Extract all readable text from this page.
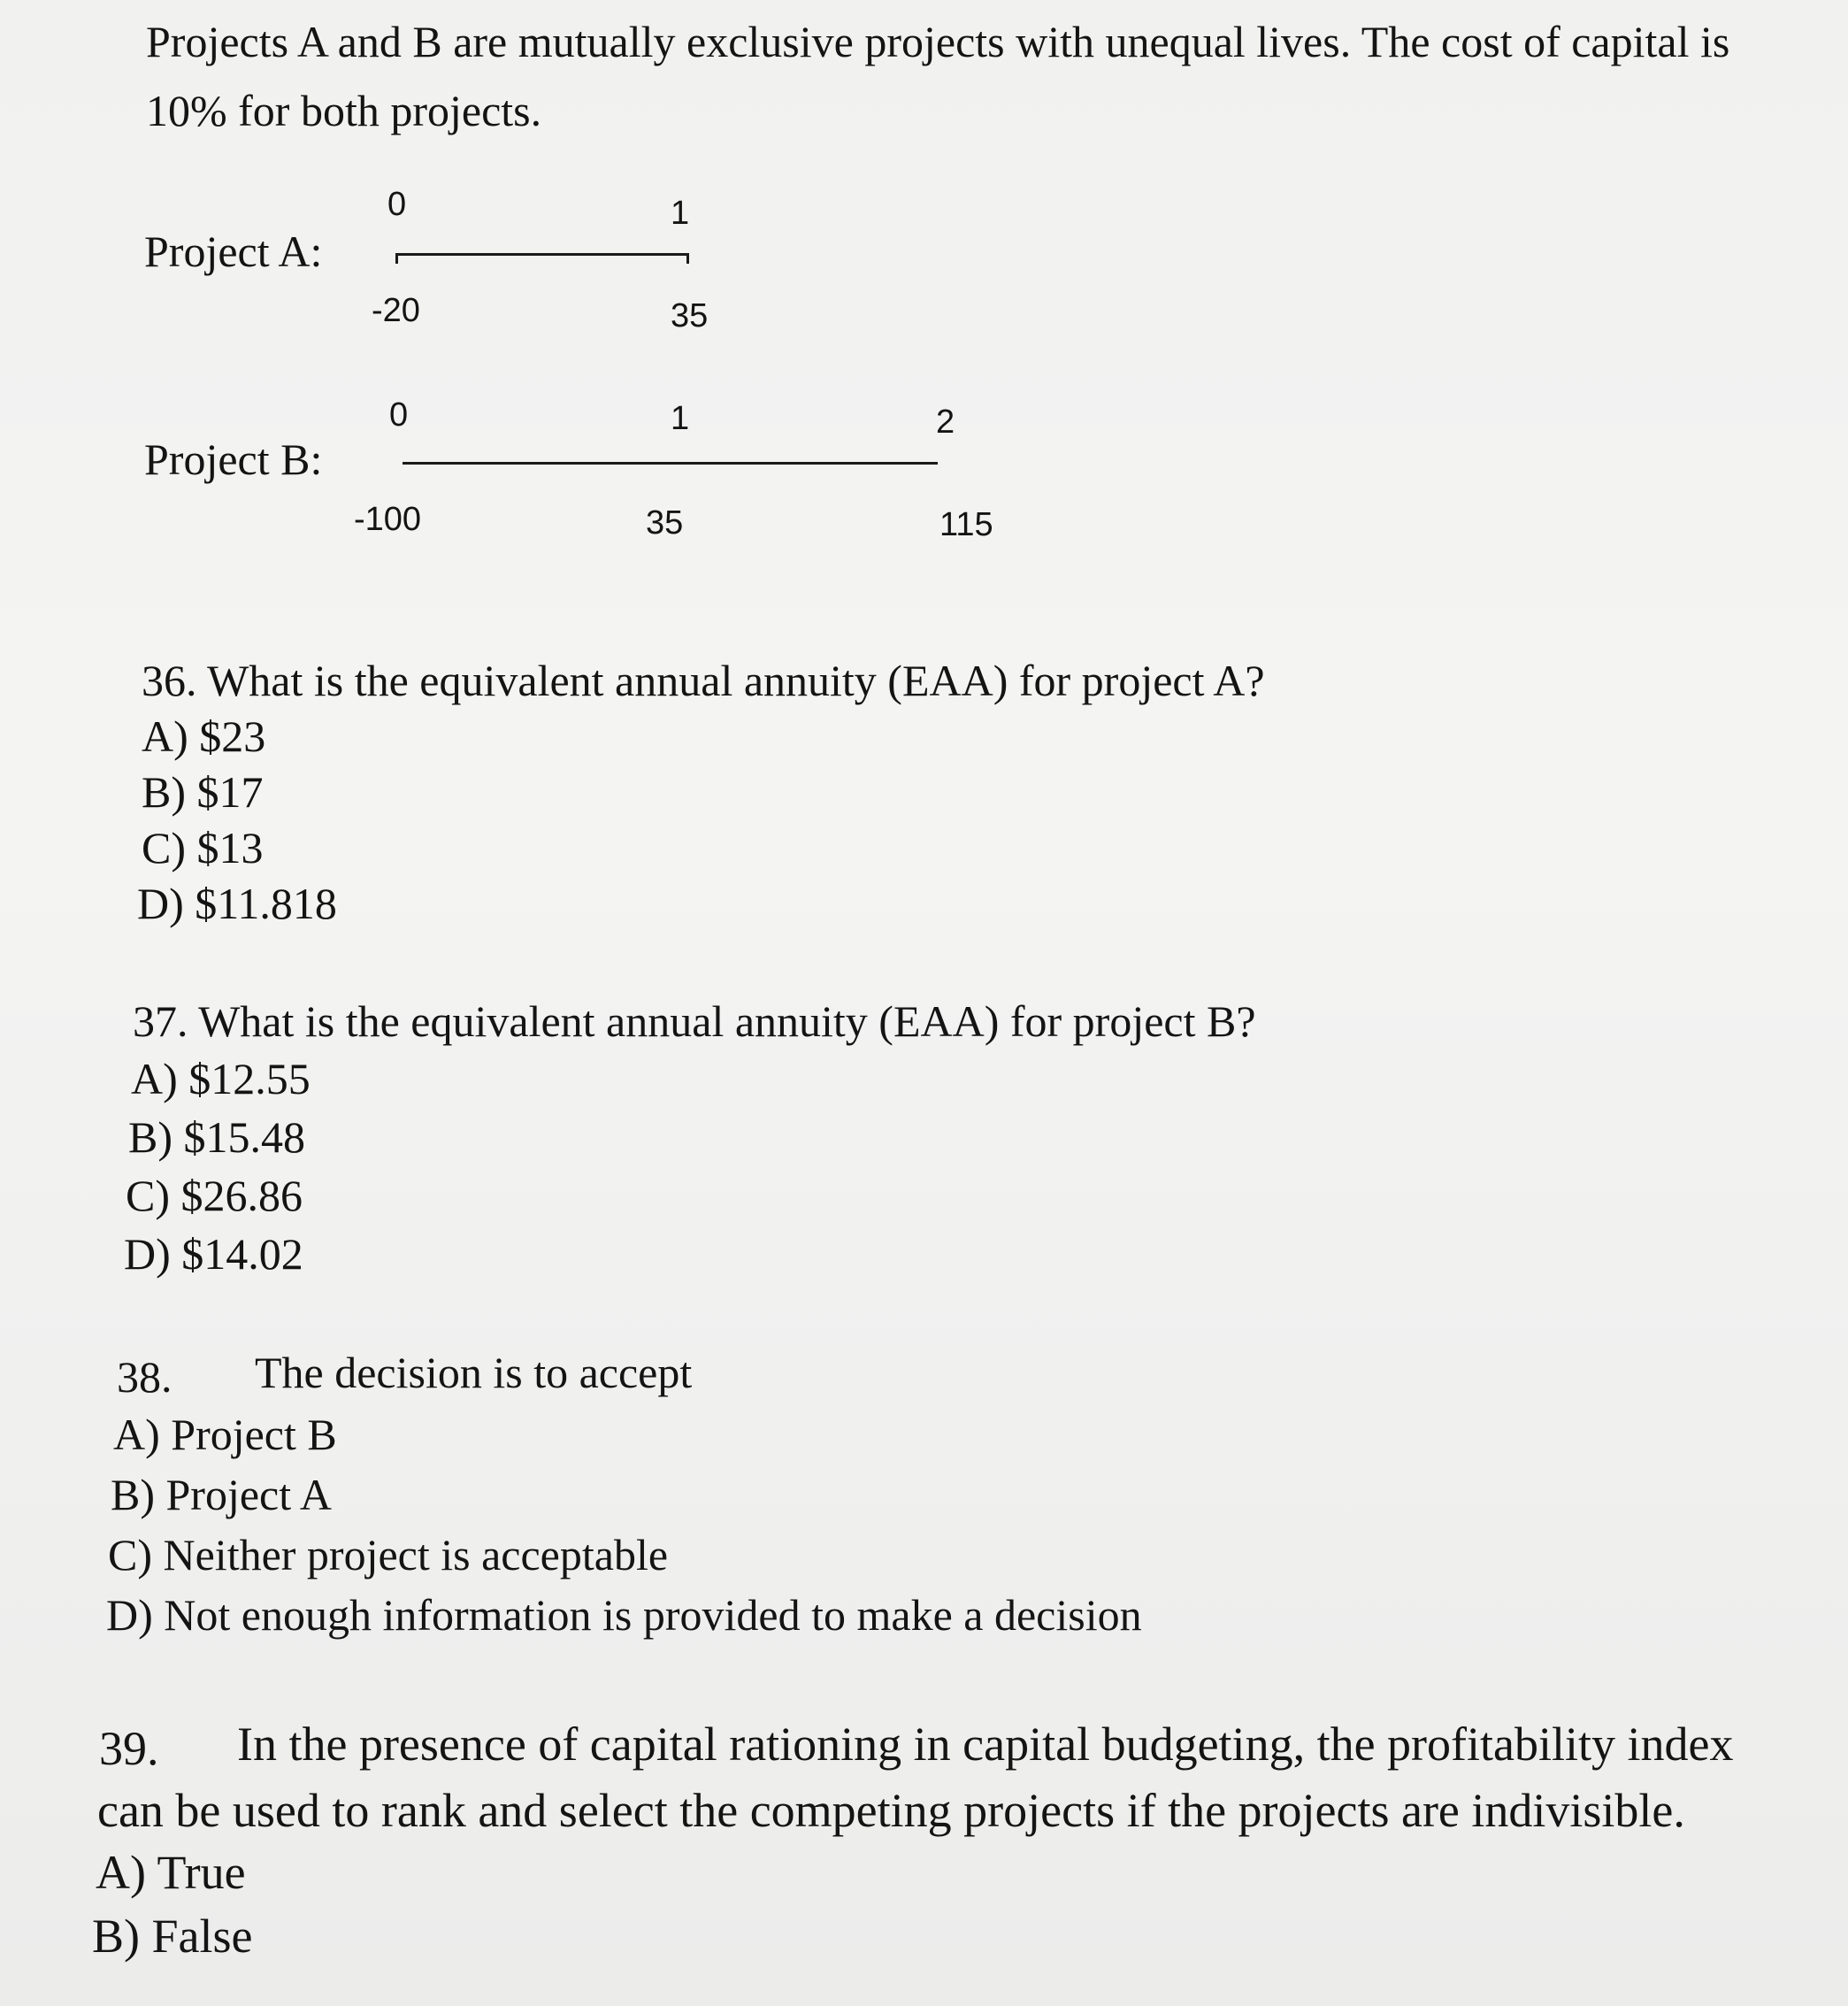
Projects A and B are mutually exclusive projects with unequal lives. The cost of capital is 10% for both projects.
Project A:
0	1
-20	35
Project B:
0	1	2
-100	35	115
36. What is the equivalent annual annuity (EAA) for project A?
A) $23
B) $17
C) $13
D) $11.818
37. What is the equivalent annual annuity (EAA) for project B?
A) $12.55
B) $15.48
C) $26.86
D) $14.02
38. The decision is to accept
A) Project B
B) Project A
C) Neither project is acceptable
D) Not enough information is provided to make a decision
39. In the presence of capital rationing in capital budgeting, the profitability index
can be used to rank and select the competing projects if the projects are indivisible.
A) True
B) False
